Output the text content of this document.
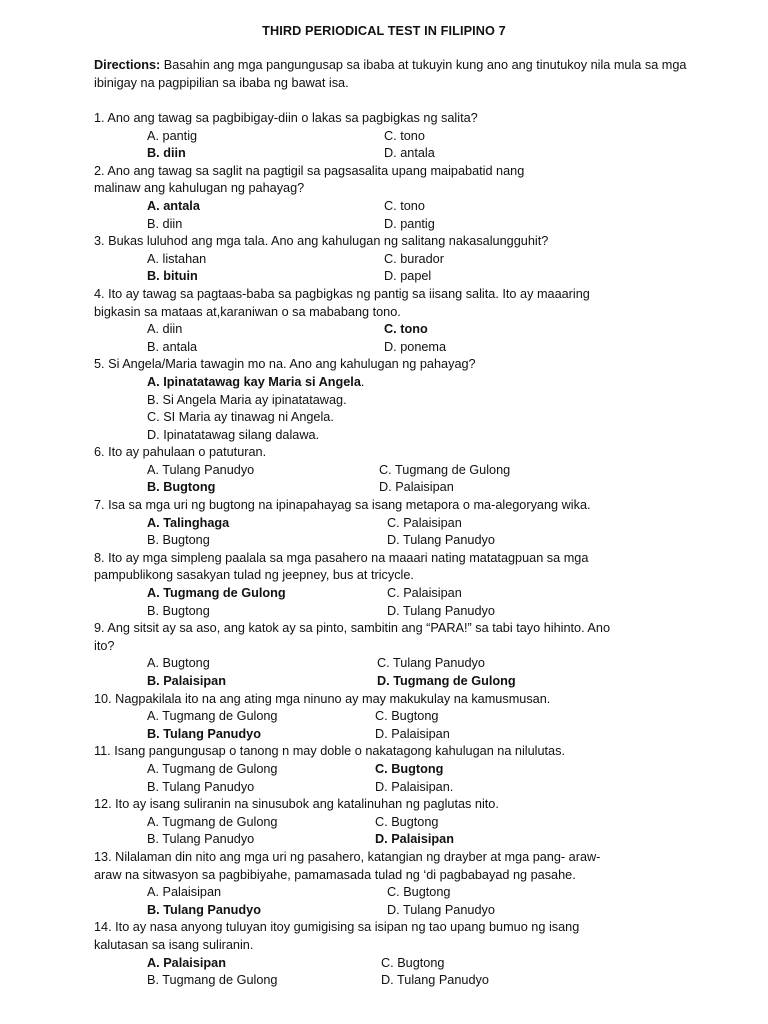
THIRD PERIODICAL TEST IN FILIPINO 7
Directions: Basahin ang mga pangungusap sa ibaba at tukuyin kung ano ang tinutukoy nila mula sa mga ibinigay na pagpipilian sa ibaba ng bawat isa.
1. Ano ang tawag sa pagbibigay-diin o lakas sa pagbigkas ng salita?
A. pantig	C. tono
B. diin	D. antala
2. Ano ang tawag sa saglit na pagtigil sa pagsasalita upang maipabatid nang
malinaw ang kahulugan ng pahayag?
A. antala	C. tono
B. diin	D. pantig
3. Bukas luluhod ang mga tala. Ano ang kahulugan ng salitang nakasalungguhit?
A. listahan	C. burador
B. bituin	D. papel
4. Ito ay tawag sa pagtaas-baba sa pagbigkas ng pantig sa iisang salita. Ito ay maaaring
bigkasin sa mataas at,karaniwan o sa mababang tono.
A. diin	C. tono
B. antala	D. ponema
5. Si Angela/Maria tawagin mo na. Ano ang kahulugan ng pahayag?
A. Ipinatatawag kay Maria si Angela.
B. Si Angela Maria ay ipinatatawag.
C. SI Maria ay tinawag ni Angela.
D. Ipinatatawag silang dalawa.
6. Ito ay pahulaan o patuturan.
A. Tulang Panudyo	C. Tugmang de Gulong
B. Bugtong	D. Palaisipan
7. Isa sa mga uri ng bugtong na ipinapahayag sa isang metapora o ma-alegoryang wika.
A. Talinghaga	C. Palaisipan
B. Bugtong	D. Tulang Panudyo
8. Ito ay mga simpleng paalala sa mga pasahero na maaari nating matatagpuan sa mga
pampublikong sasakyan tulad ng jeepney, bus at tricycle.
A. Tugmang de Gulong	C. Palaisipan
B. Bugtong	D. Tulang Panudyo
9. Ang sitsit ay sa aso, ang katok ay sa pinto, sambitin ang “PARA!” sa tabi tayo hihinto. Ano
ito?
A. Bugtong	C. Tulang Panudyo
B. Palaisipan	D. Tugmang de Gulong
10. Nagpakilala ito na ang ating mga ninuno ay may makukulay na kamusmusan.
A. Tugmang de Gulong	C. Bugtong
B. Tulang Panudyo	D. Palaisipan
11. Isang pangungusap o tanong n may doble o nakatagong kahulugan na nilulutas.
A. Tugmang de Gulong	C. Bugtong
B. Tulang Panudyo	D. Palaisipan.
12. Ito ay isang suliranin na sinusubok ang katalinuhan ng paglutas nito.
A. Tugmang de Gulong	C. Bugtong
B. Tulang Panudyo	D. Palaisipan
13. Nilalaman din nito ang mga uri ng pasahero, katangian ng drayber at mga pang- araw-
araw na sitwasyon sa pagbibiyahe, pamamasada tulad ng ‘di pagbabayad ng pasahe.
A. Palaisipan	C. Bugtong
B. Tulang Panudyo	D. Tulang Panudyo
14. Ito ay nasa anyong tuluyan itoy gumigising sa isipan ng tao upang bumuo ng isang
kalutasan sa isang suliranin.
A. Palaisipan	C. Bugtong
B. Tugmang de Gulong	D. Tulang Panudyo
